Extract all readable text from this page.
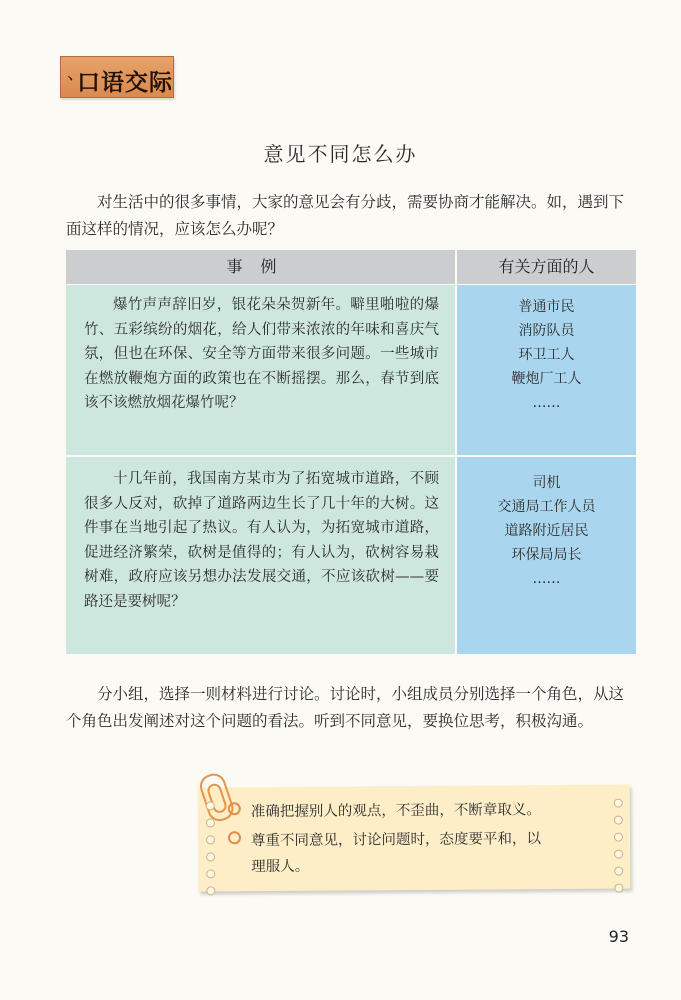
、
口语交际
意见不同怎么办

对生活中的很多事情，大家的意见会有分歧，需要协商才能解决。如，遇到下面这样的情况，应该怎么办呢？

事例	有关方面的人

爆竹声声辞旧岁，银花朵朵贺新年。噼里啪啦的爆竹、五彩缤纷的烟花，给人们带来浓浓的年味和喜庆气氛，但也在环保、安全等方面带来很多问题。一些城市在燃放鞭炮方面的政策也在不断摇摆。那么，春节到底该不该燃放烟花爆竹呢？

普通市民
消防队员
环卫工人
鞭炮厂工人
……

十几年前，我国南方某市为了拓宽城市道路，不顾很多人反对，砍掉了道路两边生长了几十年的大树。这件事在当地引起了热议。有人认为，为拓宽城市道路，促进经济繁荣，砍树是值得的；有人认为，砍树容易栽树难，政府应该另想办法发展交通，不应该砍树——要路还是要树呢？

司机
交通局工作人员
道路附近居民
环保局局长
……

分小组，选择一则材料进行讨论。讨论时，小组成员分别选择一个角色，从这个角色出发阐述对这个问题的看法。听到不同意见，要换位思考，积极沟通。

准确把握别人的观点，不歪曲，不断章取义。
尊重不同意见，讨论问题时，态度要平和，以
理服人。
93
